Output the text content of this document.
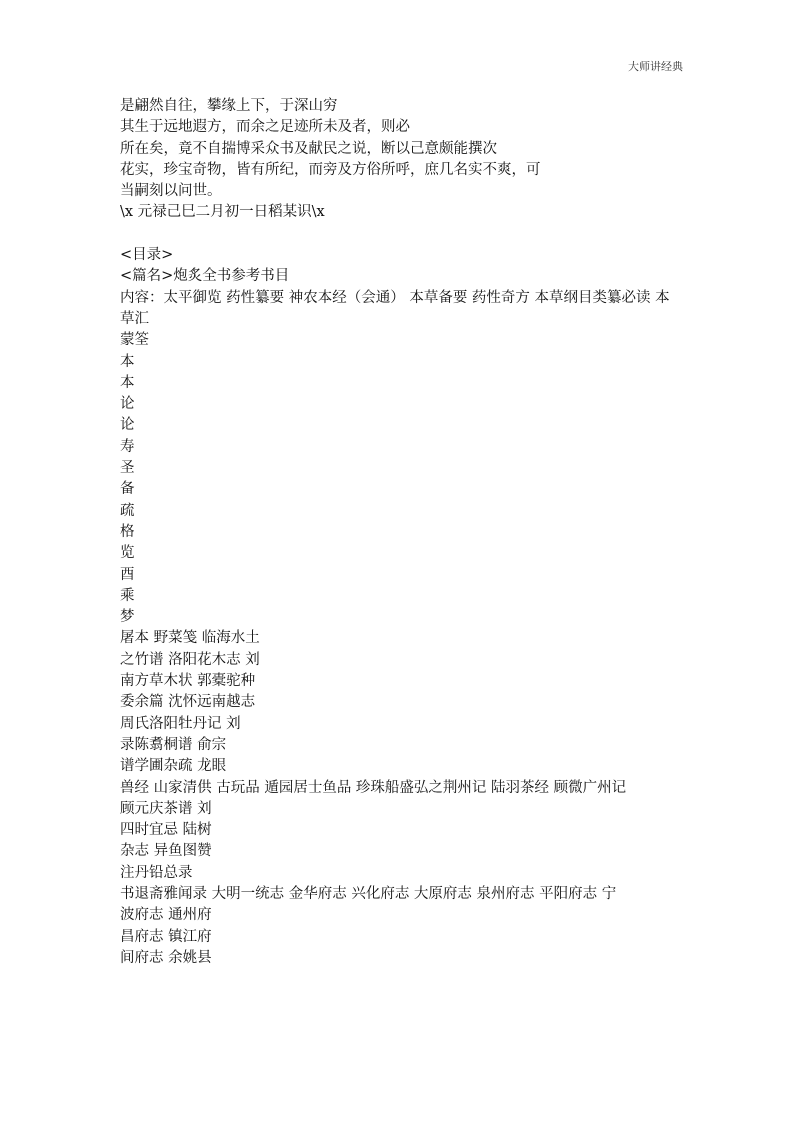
大师讲经典
是翩然自往，攀缘上下，于深山穷
其生于远地遐方，而余之足迹所未及者，则必
所在矣，竟不自揣博采众书及献民之说，断以己意颇能撰次
花实，珍宝奇物，皆有所纪，而旁及方俗所呼，庶几名实不爽，可
当嗣刻以问世。
\x 元禄己巳二月初一日稻某识\x
<目录>
<篇名>炮炙全书参考书目
内容：太平御览 药性纂要 神农本经（会通） 本草备要 药性奇方 本草纲目类纂必读 本
草汇
蒙筌
本
本
论
论
寿
圣
备
疏
格
览
酉
乘
梦
屠本 野菜笺 临海水土
之竹谱 洛阳花木志 刘
南方草木状 郭橐驼种
委余篇 沈怀远南越志
周氏洛阳牡丹记 刘
录陈翥桐谱 俞宗
谱学圃杂疏 龙眼
兽经 山家清供 古玩品 遁园居士鱼品 珍珠船盛弘之荆州记 陆羽茶经 顾微广州记
顾元庆茶谱 刘
四时宜忌 陆树
杂志 异鱼图赞
注丹铅总录
书退斋雅闻录 大明一统志 金华府志 兴化府志 大原府志 泉州府志 平阳府志 宁
波府志 通州府
昌府志 镇江府
间府志 余姚县
